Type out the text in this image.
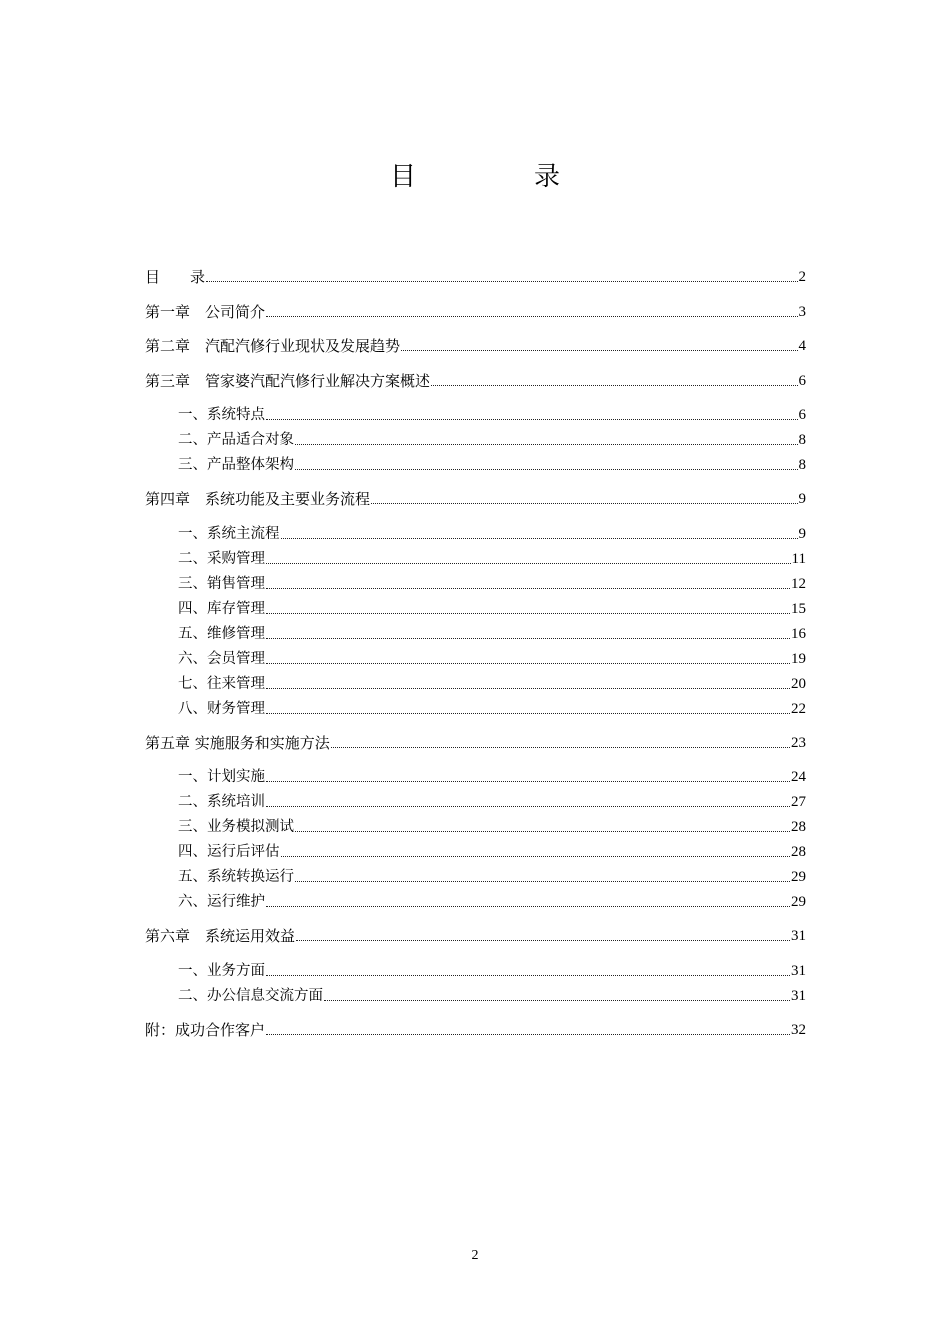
目　录
目　　录	2
第一章　公司简介	3
第二章　汽配汽修行业现状及发展趋势	4
第三章　管家婆汽配汽修行业解决方案概述	6
一、系统特点	6
二、产品适合对象	8
三、产品整体架构	8
第四章　系统功能及主要业务流程	9
一、系统主流程	9
二、采购管理	11
三、销售管理	12
四、库存管理	15
五、维修管理	16
六、会员管理	19
七、往来管理	20
八、财务管理	22
第五章 实施服务和实施方法	23
一、计划实施	24
二、系统培训	27
三、业务模拟测试	28
四、运行后评估	28
五、系统转换运行	29
六、运行维护	29
第六章　系统运用效益	31
一、业务方面	31
二、办公信息交流方面	31
附：成功合作客户	32
2
